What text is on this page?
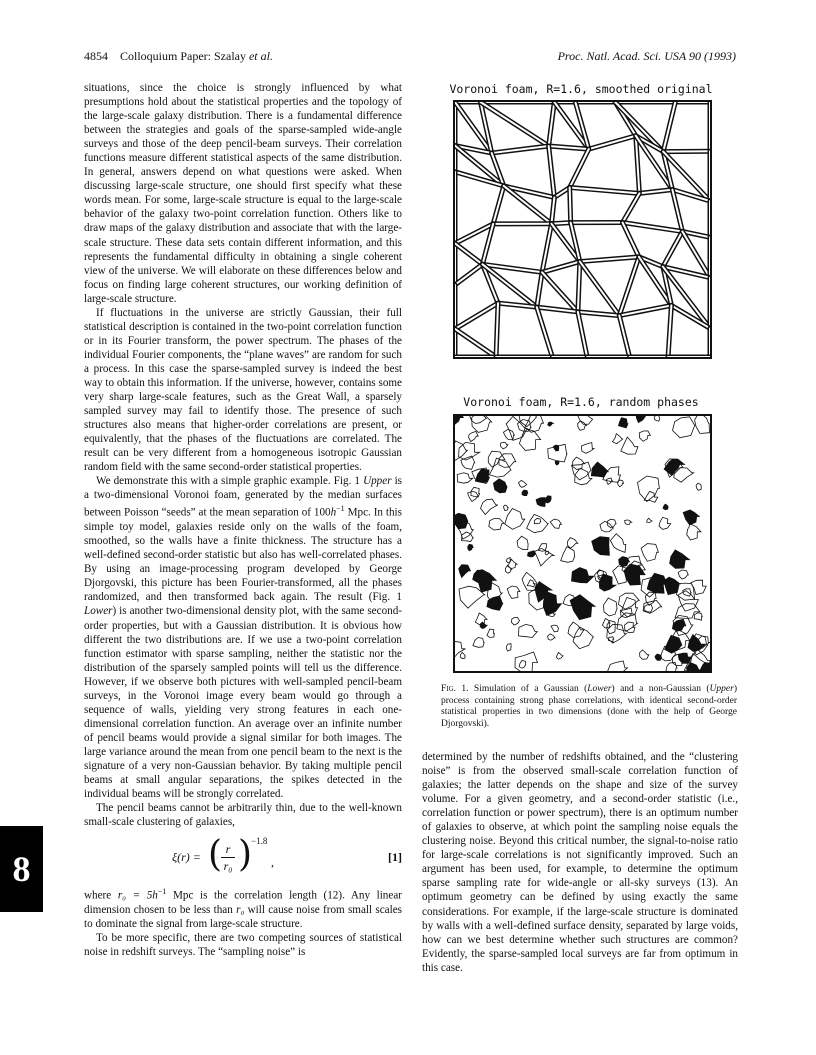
4854 Colloquium Paper: Szalay et al.	Proc. Natl. Acad. Sci. USA 90 (1993)
8

situations, since the choice is strongly influenced by what presumptions hold about the statistical properties and the topology of the large-scale galaxy distribution. There is a fundamental difference between the strategies and goals of the sparse-sampled wide-angle surveys and those of the deep pencil-beam surveys. Their correlation functions measure different statistical aspects of the same distribution. In general, answers depend on what questions were asked. When discussing large-scale structure, one should first specify what these words mean. For some, large-scale structure is equal to the large-scale behavior of the galaxy two-point correlation function. Others like to draw maps of the galaxy distribution and associate that with the large-scale structure. These data sets contain different information, and this represents the fundamental difficulty in obtaining a single coherent view of the universe. We will elaborate on these differences below and focus on finding large coherent structures, our working definition of large-scale structure.

If fluctuations in the universe are strictly Gaussian, their full statistical description is contained in the two-point correlation function or in its Fourier transform, the power spectrum. The phases of the individual Fourier components, the “plane waves” are random for such a process. In this case the sparse-sampled survey is indeed the best way to obtain this information. If the universe, however, contains some very sharp large-scale features, such as the Great Wall, a sparsely sampled survey may fail to identify those. The presence of such structures also means that higher-order correlations are present, or equivalently, that the phases of the fluctuations are correlated. The result can be very different from a homogeneous isotropic Gaussian random field with the same second-order statistical properties.

We demonstrate this with a simple graphic example. Fig. 1 Upper is a two-dimensional Voronoi foam, generated by the median surfaces between Poisson “seeds” at the mean separation of $100h^{-1}$ Mpc. In this simple toy model, galaxies reside only on the walls of the foam, smoothed, so the walls have a finite thickness. The structure has a well-defined second-order statistic but also has well-correlated phases. By using an image-processing program developed by George Djorgovski, this picture has been Fourier-transformed, all the phases randomized, and then transformed back again. The result (Fig. 1 Lower) is another two-dimensional density plot, with the same second-order properties, but with a Gaussian distribution. It is obvious how different the two distributions are. If we use a two-point correlation function estimator with sparse sampling, neither the statistic nor the distribution of the sparsely sampled points will tell us the difference. However, if we observe both pictures with well-sampled pencil-beam surveys, in the Voronoi image every beam would go through a sequence of walls, yielding very strong features in each one-dimensional correlation function. An average over an infinite number of pencil beams would provide a signal similar for both images. The large variance around the mean from one pencil beam to the next is the signature of a very non-Gaussian behavior. By taking multiple pencil beams at small angular separations, the spikes detected in the individual beams will be strongly correlated.

The pencil beams cannot be arbitrarily thin, due to the well-known small-scale clustering of galaxies,

ξ(r) = ( r
r₀ )
−1.8
,	[1]

where $r_0 = 5h^{-1}$ Mpc is the correlation length (12). Any linear dimension chosen to be less than r₀ will cause noise from small scales to dominate the signal from large-scale structure.

To be more specific, there are two competing sources of statistical noise in redshift surveys. The “sampling noise” is

Voronoi foam, R=1.6, smoothed original
Voronoi foam, R=1.6, random phases
Fig. 1. Simulation of a Gaussian (Lower) and a non-Gaussian (Upper) process containing strong phase correlations, with identical second-order statistical properties in two dimensions (done with the help of George Djorgovski).

determined by the number of redshifts obtained, and the “clustering noise” is from the observed small-scale correlation function of galaxies; the latter depends on the shape and size of the survey volume. For a given geometry, and a second-order statistic (i.e., correlation function or power spectrum), there is an optimum number of galaxies to observe, at which point the sampling noise equals the clustering noise. Beyond this critical number, the signal-to-noise ratio for large-scale correlations is not significantly improved. Such an argument has been used, for example, to determine the optimum sparse sampling rate for wide-angle or all-sky surveys (13). An optimum geometry can be defined by using exactly the same considerations. For example, if the large-scale structure is dominated by walls with a well-defined surface density, separated by large voids, how can we best determine whether such structures are common? Evidently, the sparse-sampled local surveys are far from optimum in this case.
